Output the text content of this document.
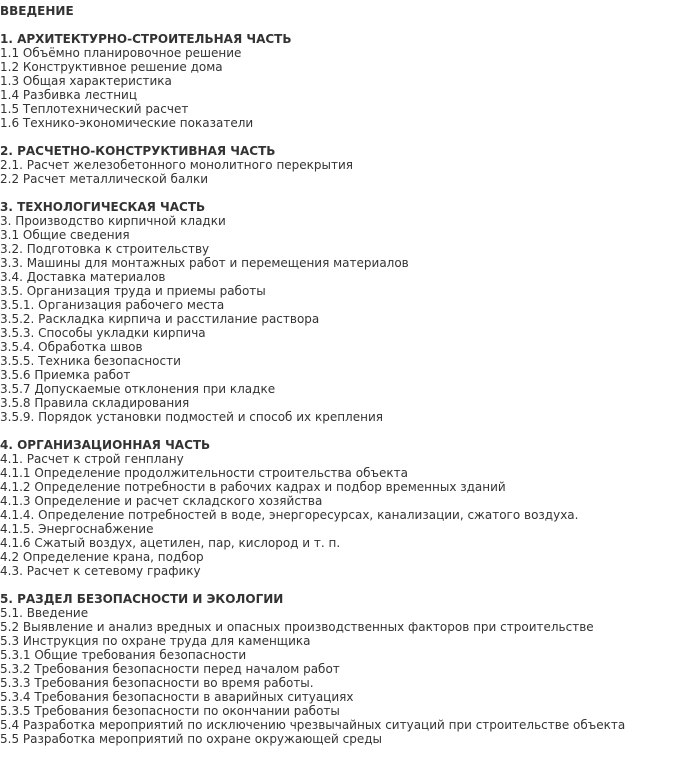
ВВЕДЕНИЕ
1. АРХИТЕКТУРНО-СТРОИТЕЛЬНАЯ ЧАСТЬ
1.1 Объёмно планировочное решение
1.2 Конструктивное решение дома
1.3 Общая характеристика
1.4 Разбивка лестниц
1.5 Теплотехнический расчет
1.6 Технико-экономические показатели
2. РАСЧЕТНО-КОНСТРУКТИВНАЯ ЧАСТЬ
2.1. Расчет железобетонного монолитного перекрытия
2.2 Расчет металлической балки
3. ТЕХНОЛОГИЧЕСКАЯ ЧАСТЬ
3. Производство кирпичной кладки
3.1 Общие сведения
3.2. Подготовка к строительству
3.3. Машины для монтажных работ и перемещения материалов
3.4. Доставка материалов
3.5. Организация труда и приемы работы
3.5.1. Организация рабочего места
3.5.2. Раскладка кирпича и расстилание раствора
3.5.3. Способы укладки кирпича
3.5.4. Обработка швов
3.5.5. Техника безопасности
3.5.6 Приемка работ
3.5.7 Допускаемые отклонения при кладке
3.5.8 Правила складирования
3.5.9. Порядок установки подмостей и способ их крепления
4. ОРГАНИЗАЦИОННАЯ ЧАСТЬ
4.1. Расчет к строй генплану
4.1.1 Определение продолжительности строительства объекта
4.1.2 Определение потребности в рабочих кадрах и подбор временных зданий
4.1.3 Определение и расчет складского хозяйства
4.1.4. Определение потребностей в воде, энергоресурсах, канализации, сжатого воздуха.
4.1.5. Энергоснабжение
4.1.6 Сжатый воздух, ацетилен, пар, кислород и т. п.
4.2 Определение крана, подбор
4.3. Расчет к сетевому графику
5. РАЗДЕЛ БЕЗОПАСНОСТИ И ЭКОЛОГИИ
5.1. Введение
5.2 Выявление и анализ вредных и опасных производственных факторов при строительстве
5.3 Инструкция по охране труда для каменщика
5.3.1 Общие требования безопасности
5.3.2 Требования безопасности перед началом работ
5.3.3 Требования безопасности во время работы.
5.3.4 Требования безопасности в аварийных ситуациях
5.3.5 Требования безопасности по окончании работы
5.4 Разработка мероприятий по исключению чрезвычайных ситуаций при строительстве объекта
5.5 Разработка мероприятий по охране окружающей среды
